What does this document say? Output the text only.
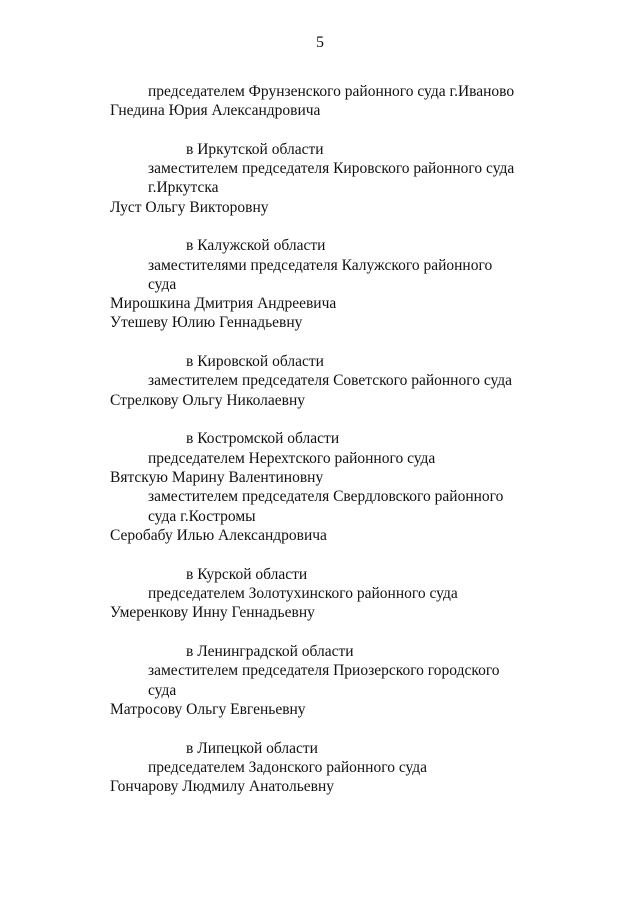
5
председателем Фрунзенского районного суда г.Иваново
Гнедина Юрия Александровича
в Иркутской области
заместителем председателя Кировского районного суда
г.Иркутска
Луст Ольгу Викторовну
в Калужской области
заместителями председателя Калужского районного
суда
Мирошкина Дмитрия Андреевича
Утешеву Юлию Геннадьевну
в Кировской области
заместителем председателя Советского районного суда
Стрелкову Ольгу Николаевну
в Костромской области
председателем Нерехтского районного суда
Вятскую Марину Валентиновну
заместителем председателя Свердловского районного
суда г.Костромы
Серобабу Илью Александровича
в Курской области
председателем Золотухинского районного суда
Умеренкову Инну Геннадьевну
в Ленинградской области
заместителем председателя Приозерского городского
суда
Матросову Ольгу Евгеньевну
в Липецкой области
председателем Задонского районного суда
Гончарову Людмилу Анатольевну
